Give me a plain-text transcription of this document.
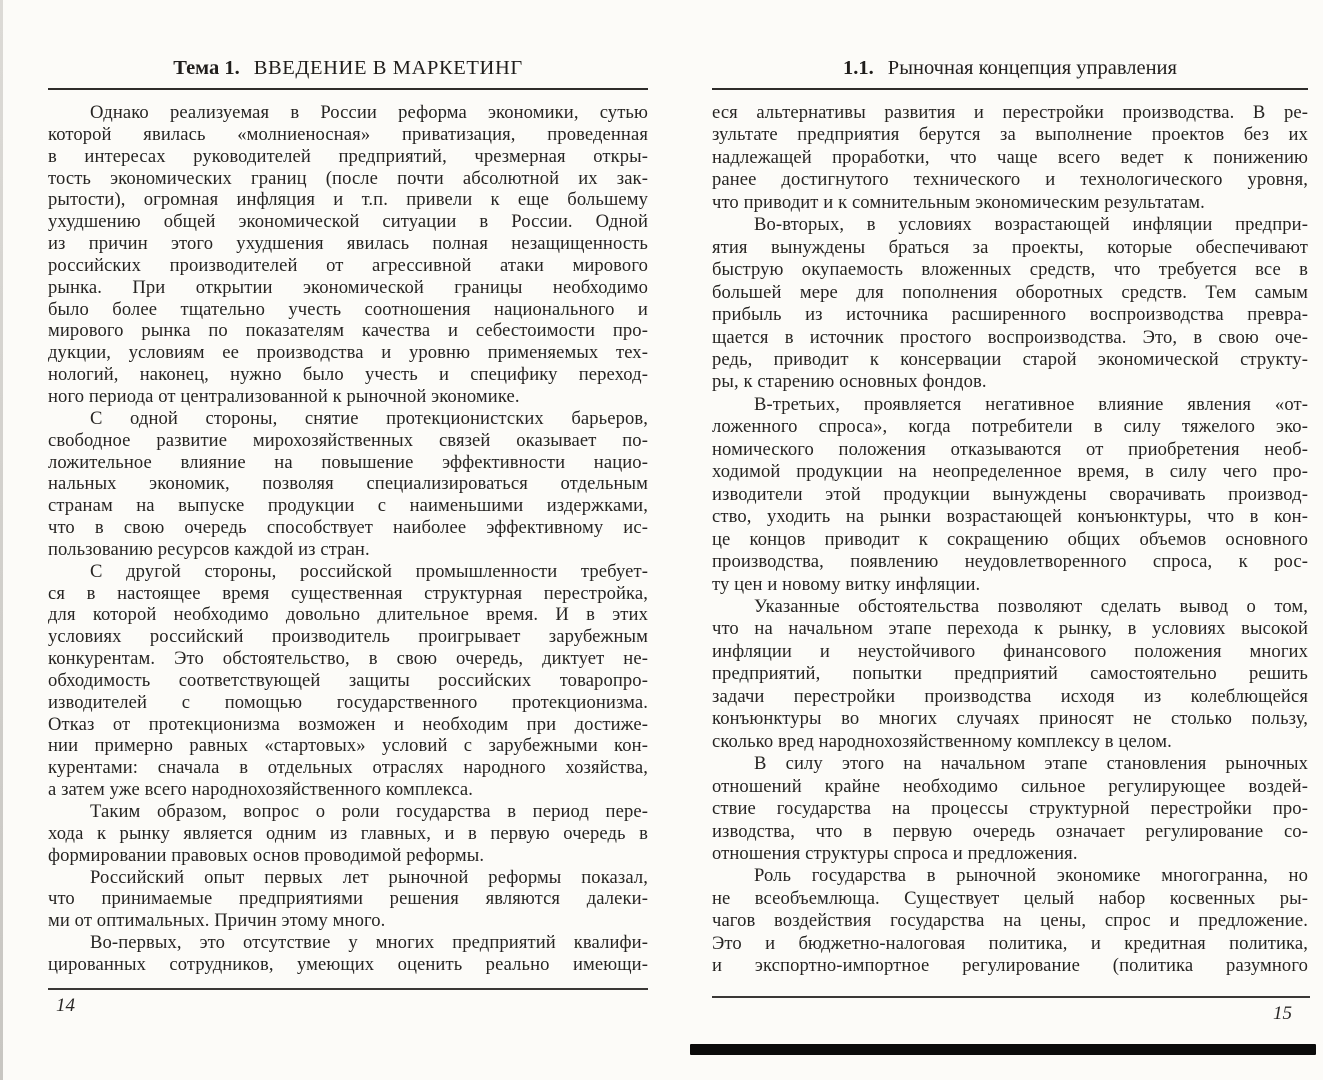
Тема 1. ВВЕДЕНИЕ В МАРКЕТИНГ
Однако реализуемая в России реформа экономики, сутью
которой явилась «молниеносная» приватизация, проведенная
в интересах руководителей предприятий, чрезмерная откры-
тость экономических границ (после почти абсолютной их зак-
рытости), огромная инфляция и т.п. привели к еще большему
ухудшению общей экономической ситуации в России. Одной
из причин этого ухудшения явилась полная незащищенность
российских производителей от агрессивной атаки мирового
рынка. При открытии экономической границы необходимо
было более тщательно учесть соотношения национального и
мирового рынка по показателям качества и себестоимости про-
дукции, условиям ее производства и уровню применяемых тех-
нологий, наконец, нужно было учесть и специфику переход-
ного периода от централизованной к рыночной экономике.
С одной стороны, снятие протекционистских барьеров,
свободное развитие мирохозяйственных связей оказывает по-
ложительное влияние на повышение эффективности нацио-
нальных экономик, позволяя специализироваться отдельным
странам на выпуске продукции с наименьшими издержками,
что в свою очередь способствует наиболее эффективному ис-
пользованию ресурсов каждой из стран.
С другой стороны, российской промышленности требует-
ся в настоящее время существенная структурная перестройка,
для которой необходимо довольно длительное время. И в этих
условиях российский производитель проигрывает зарубежным
конкурентам. Это обстоятельство, в свою очередь, диктует не-
обходимость соответствующей защиты российских товаропро-
изводителей с помощью государственного протекционизма.
Отказ от протекционизма возможен и необходим при достиже-
нии примерно равных «стартовых» условий с зарубежными кон-
курентами: сначала в отдельных отраслях народного хозяйства,
а затем уже всего народнохозяйственного комплекса.
Таким образом, вопрос о роли государства в период пере-
хода к рынку является одним из главных, и в первую очередь в
формировании правовых основ проводимой реформы.
Российский опыт первых лет рыночной реформы показал,
что принимаемые предприятиями решения являются далеки-
ми от оптимальных. Причин этому много.
Во-первых, это отсутствие у многих предприятий квалифи-
цированных сотрудников, умеющих оценить реально имеющи-
1.1. Рыночная концепция управления
еся альтернативы развития и перестройки производства. В ре-
зультате предприятия берутся за выполнение проектов без их
надлежащей проработки, что чаще всего ведет к понижению
ранее достигнутого технического и технологического уровня,
что приводит и к сомнительным экономическим результатам.
Во-вторых, в условиях возрастающей инфляции предпри-
ятия вынуждены браться за проекты, которые обеспечивают
быструю окупаемость вложенных средств, что требуется все в
большей мере для пополнения оборотных средств. Тем самым
прибыль из источника расширенного воспроизводства превра-
щается в источник простого воспроизводства. Это, в свою оче-
редь, приводит к консервации старой экономической структу-
ры, к старению основных фондов.
В-третьих, проявляется негативное влияние явления «от-
ложенного спроса», когда потребители в силу тяжелого эко-
номического положения отказываются от приобретения необ-
ходимой продукции на неопределенное время, в силу чего про-
изводители этой продукции вынуждены сворачивать производ-
ство, уходить на рынки возрастающей конъюнктуры, что в кон-
це концов приводит к сокращению общих объемов основного
производства, появлению неудовлетворенного спроса, к рос-
ту цен и новому витку инфляции.
Указанные обстоятельства позволяют сделать вывод о том,
что на начальном этапе перехода к рынку, в условиях высокой
инфляции и неустойчивого финансового положения многих
предприятий, попытки предприятий самостоятельно решить
задачи перестройки производства исходя из колеблющейся
конъюнктуры во многих случаях приносят не столько пользу,
сколько вред народнохозяйственному комплексу в целом.
В силу этого на начальном этапе становления рыночных
отношений крайне необходимо сильное регулирующее воздей-
ствие государства на процессы структурной перестройки про-
изводства, что в первую очередь означает регулирование со-
отношения структуры спроса и предложения.
Роль государства в рыночной экономике многогранна, но
не всеобъемлюща. Существует целый набор косвенных ры-
чагов воздействия государства на цены, спрос и предложение.
Это и бюджетно-налоговая политика, и кредитная политика,
и экспортно-импортное регулирование (политика разумного
14	15
